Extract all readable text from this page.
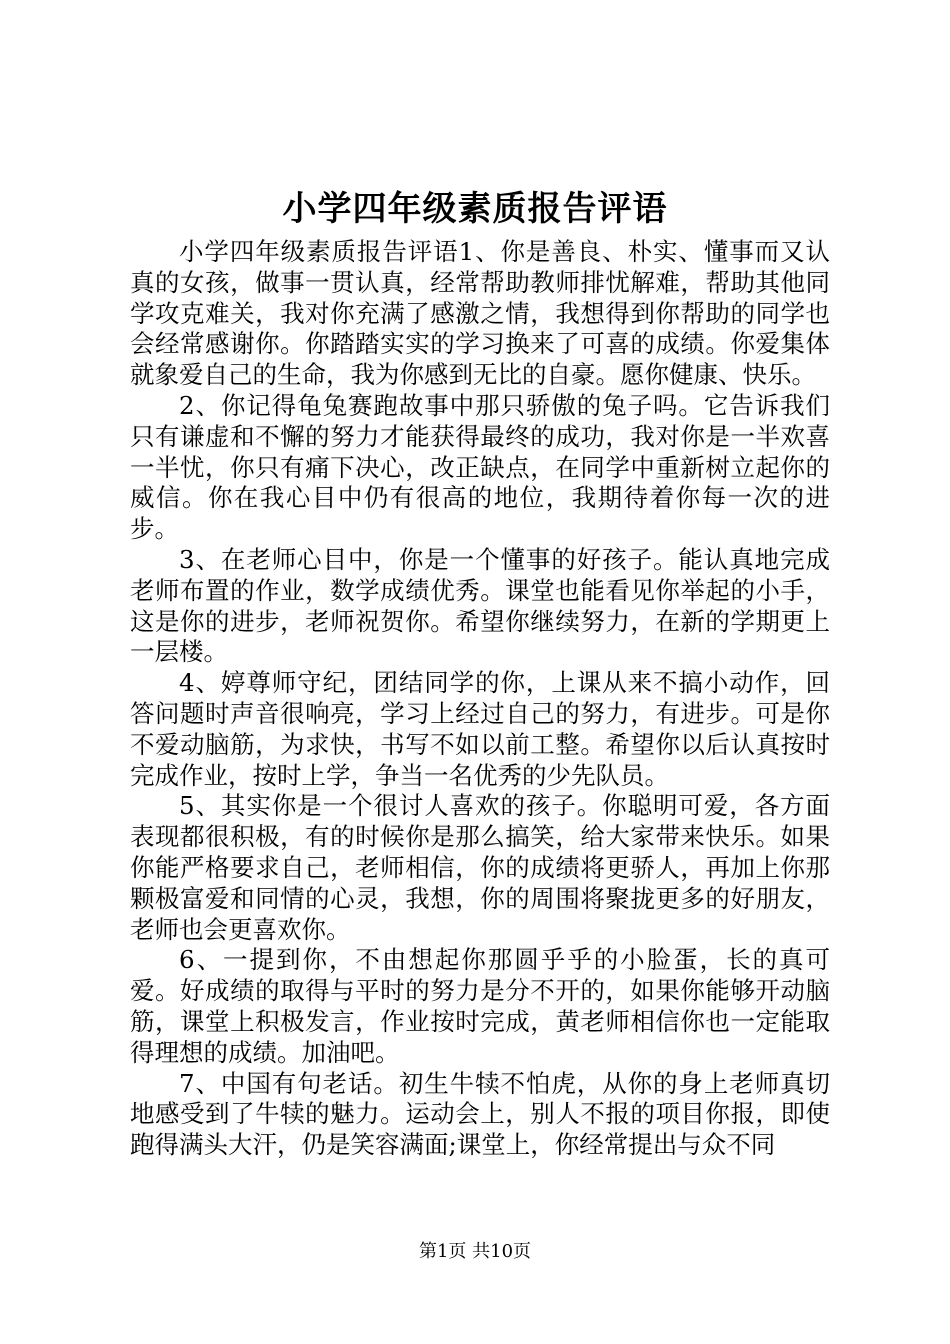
小学四年级素质报告评语

小学四年级素质报告评语1、你是善良、朴实、懂事而又认真的女孩，做事一贯认真，经常帮助教师排忧解难，帮助其他同学攻克难关，我对你充满了感激之情，我想得到你帮助的同学也会经常感谢你。你踏踏实实的学习换来了可喜的成绩。你爱集体就象爱自己的生命，我为你感到无比的自豪。愿你健康、快乐。

2、你记得龟兔赛跑故事中那只骄傲的兔子吗。它告诉我们只有谦虚和不懈的努力才能获得最终的成功，我对你是一半欢喜一半忧，你只有痛下决心，改正缺点，在同学中重新树立起你的威信。你在我心目中仍有很高的地位，我期待着你每一次的进步。

3、在老师心目中，你是一个懂事的好孩子。能认真地完成老师布置的作业，数学成绩优秀。课堂也能看见你举起的小手，这是你的进步，老师祝贺你。希望你继续努力，在新的学期更上一层楼。

4、婷尊师守纪，团结同学的你，上课从来不搞小动作，回答问题时声音很响亮，学习上经过自己的努力，有进步。可是你不爱动脑筋，为求快，书写不如以前工整。希望你以后认真按时完成作业，按时上学，争当一名优秀的少先队员。

5、其实你是一个很讨人喜欢的孩子。你聪明可爱，各方面表现都很积极，有的时候你是那么搞笑，给大家带来快乐。如果你能严格要求自己，老师相信，你的成绩将更骄人，再加上你那颗极富爱和同情的心灵，我想，你的周围将聚拢更多的好朋友，老师也会更喜欢你。

6、一提到你，不由想起你那圆乎乎的小脸蛋，长的真可爱。好成绩的取得与平时的努力是分不开的，如果你能够开动脑筋，课堂上积极发言，作业按时完成，黄老师相信你也一定能取得理想的成绩。加油吧。

7、中国有句老话。初生牛犊不怕虎，从你的身上老师真切地感受到了牛犊的魅力。运动会上，别人不报的项目你报，即使跑得满头大汗，仍是笑容满面;课堂上，你经常提出与众不同

第1页 共10页
